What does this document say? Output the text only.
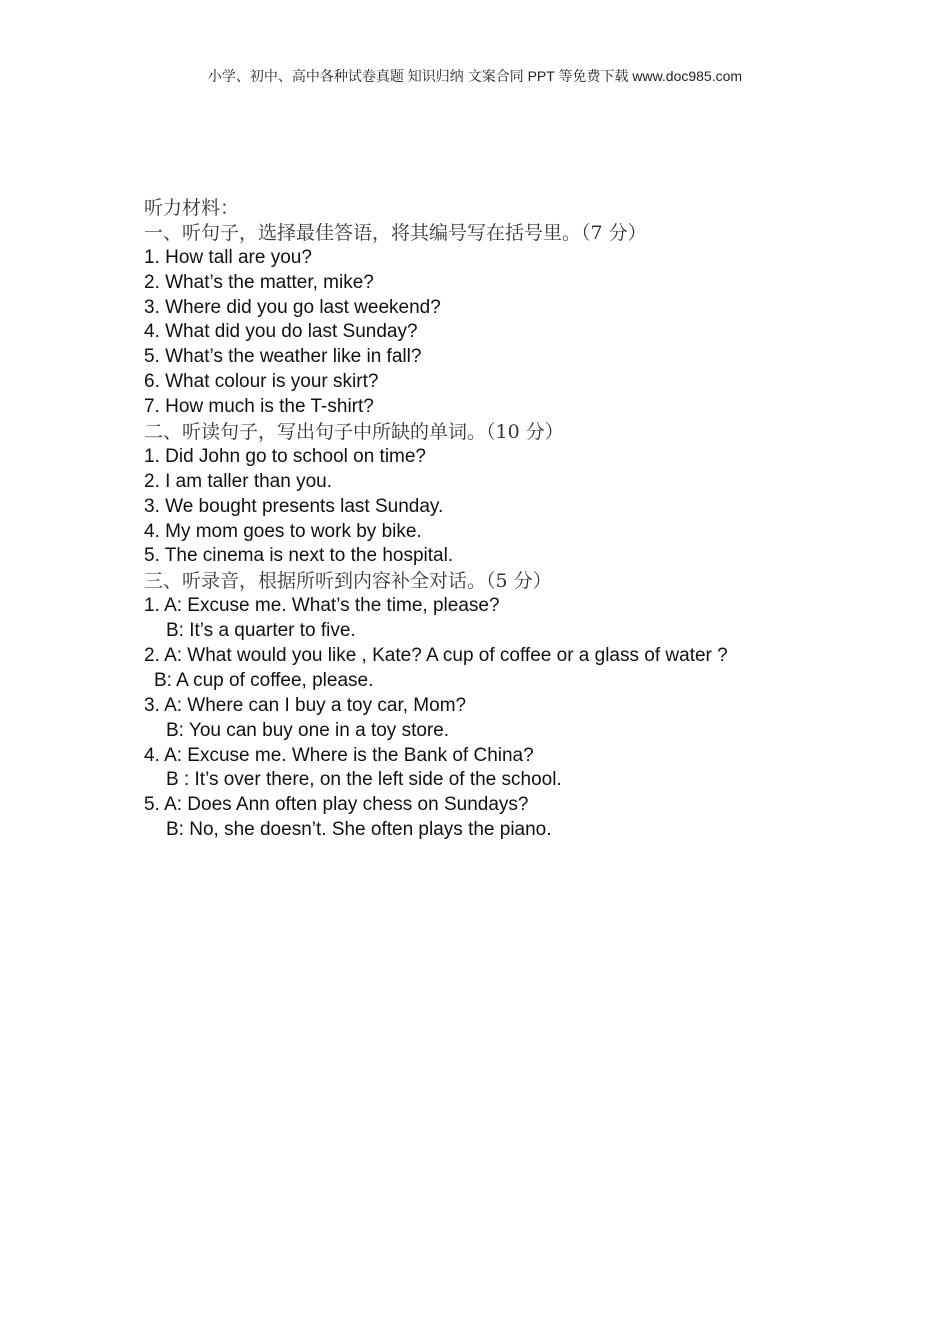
小学、初中、高中各种试卷真题 知识归纳 文案合同 PPT 等免费下载 www.doc985.com
听力材料：
一、听句子，选择最佳答语，将其编号写在括号里。（7 分）
1. How tall are you?
2. What’s the matter, mike?
3. Where did you go last weekend?
4. What did you do last Sunday?
5. What’s the weather like in fall?
6. What colour is your skirt?
7. How much is the T-shirt?
二、听读句子，写出句子中所缺的单词。（10 分）
1. Did John go to school on time?
2. I am taller than you.
3. We bought presents last Sunday.
4. My mom goes to work by bike.
5. The cinema is next to the hospital.
三、听录音，根据所听到内容补全对话。（5 分）
1. A: Excuse me. What’s the time, please?
B: It’s a quarter to five.
2. A: What would you like , Kate? A cup of coffee or a glass of water ?
B: A cup of coffee, please.
3. A: Where can I buy a toy car, Mom?
B: You can buy one in a toy store.
4. A: Excuse me. Where is the Bank of China?
B : It’s over there, on the left side of the school.
5. A: Does Ann often play chess on Sundays?
B: No, she doesn’t. She often plays the piano.
